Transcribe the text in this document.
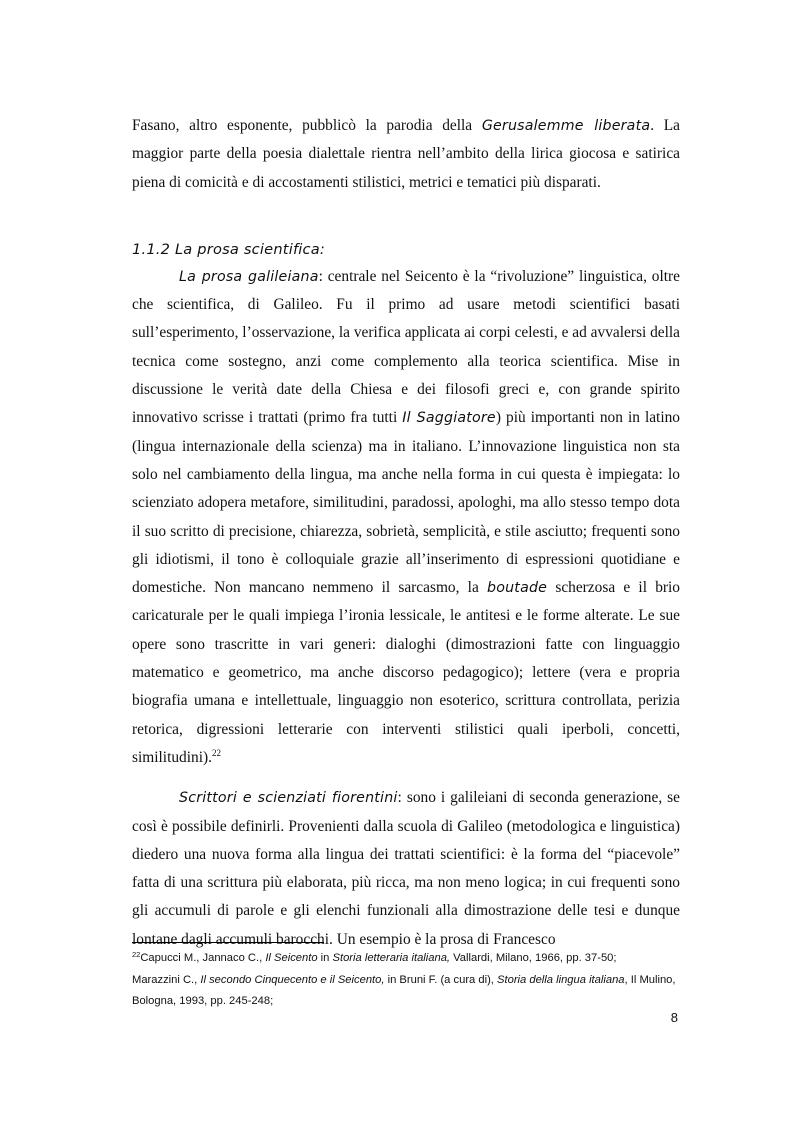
Fasano, altro esponente, pubblicò la parodia della Gerusalemme liberata. La maggior parte della poesia dialettale rientra nell’ambito della lirica giocosa e satirica piena di comicità e di accostamenti stilistici, metrici e tematici più disparati.

1.1.2 La prosa scientifica:

La prosa galileiana: centrale nel Seicento è la “rivoluzione” linguistica, oltre che scientifica, di Galileo. Fu il primo ad usare metodi scientifici basati sull’esperimento, l’osservazione, la verifica applicata ai corpi celesti, e ad avvalersi della tecnica come sostegno, anzi come complemento alla teorica scientifica. Mise in discussione le verità date della Chiesa e dei filosofi greci e, con grande spirito innovativo scrisse i trattati (primo fra tutti Il Saggiatore) più importanti non in latino (lingua internazionale della scienza) ma in italiano. L’innovazione linguistica non sta solo nel cambiamento della lingua, ma anche nella forma in cui questa è impiegata: lo scienziato adopera metafore, similitudini, paradossi, apologhi, ma allo stesso tempo dota il suo scritto di precisione, chiarezza, sobrietà, semplicità, e stile asciutto; frequenti sono gli idiotismi, il tono è colloquiale grazie all’inserimento di espressioni quotidiane e domestiche. Non mancano nemmeno il sarcasmo, la boutade scherzosa e il brio caricaturale per le quali impiega l’ironia lessicale, le antitesi e le forme alterate. Le sue opere sono trascritte in vari generi: dialoghi (dimostrazioni fatte con linguaggio matematico e geometrico, ma anche discorso pedagogico); lettere (vera e propria biografia umana e intellettuale, linguaggio non esoterico, scrittura controllata, perizia retorica, digressioni letterarie con interventi stilistici quali iperboli, concetti, similitudini).$^{22}$

Scrittori e scienziati fiorentini: sono i galileiani di seconda generazione, se così è possibile definirli. Provenienti dalla scuola di Galileo (metodologica e linguistica) diedero una nuova forma alla lingua dei trattati scientifici: è la forma del “piacevole” fatta di una scrittura più elaborata, più ricca, ma non meno logica; in cui frequenti sono gli accumuli di parole e gli elenchi funzionali alla dimostrazione delle tesi e dunque lontane dagli accumuli barocchi. Un esempio è la prosa di Francesco

$^{22}$Capucci M., Jannaco C., Il Seicento in Storia letteraria italiana, Vallardi, Milano, 1966, pp. 37-50;
Marazzini C., Il secondo Cinquecento e il Seicento, in Bruni F. (a cura di), Storia della lingua italiana, Il Mulino, Bologna, 1993, pp. 245-248;
8
